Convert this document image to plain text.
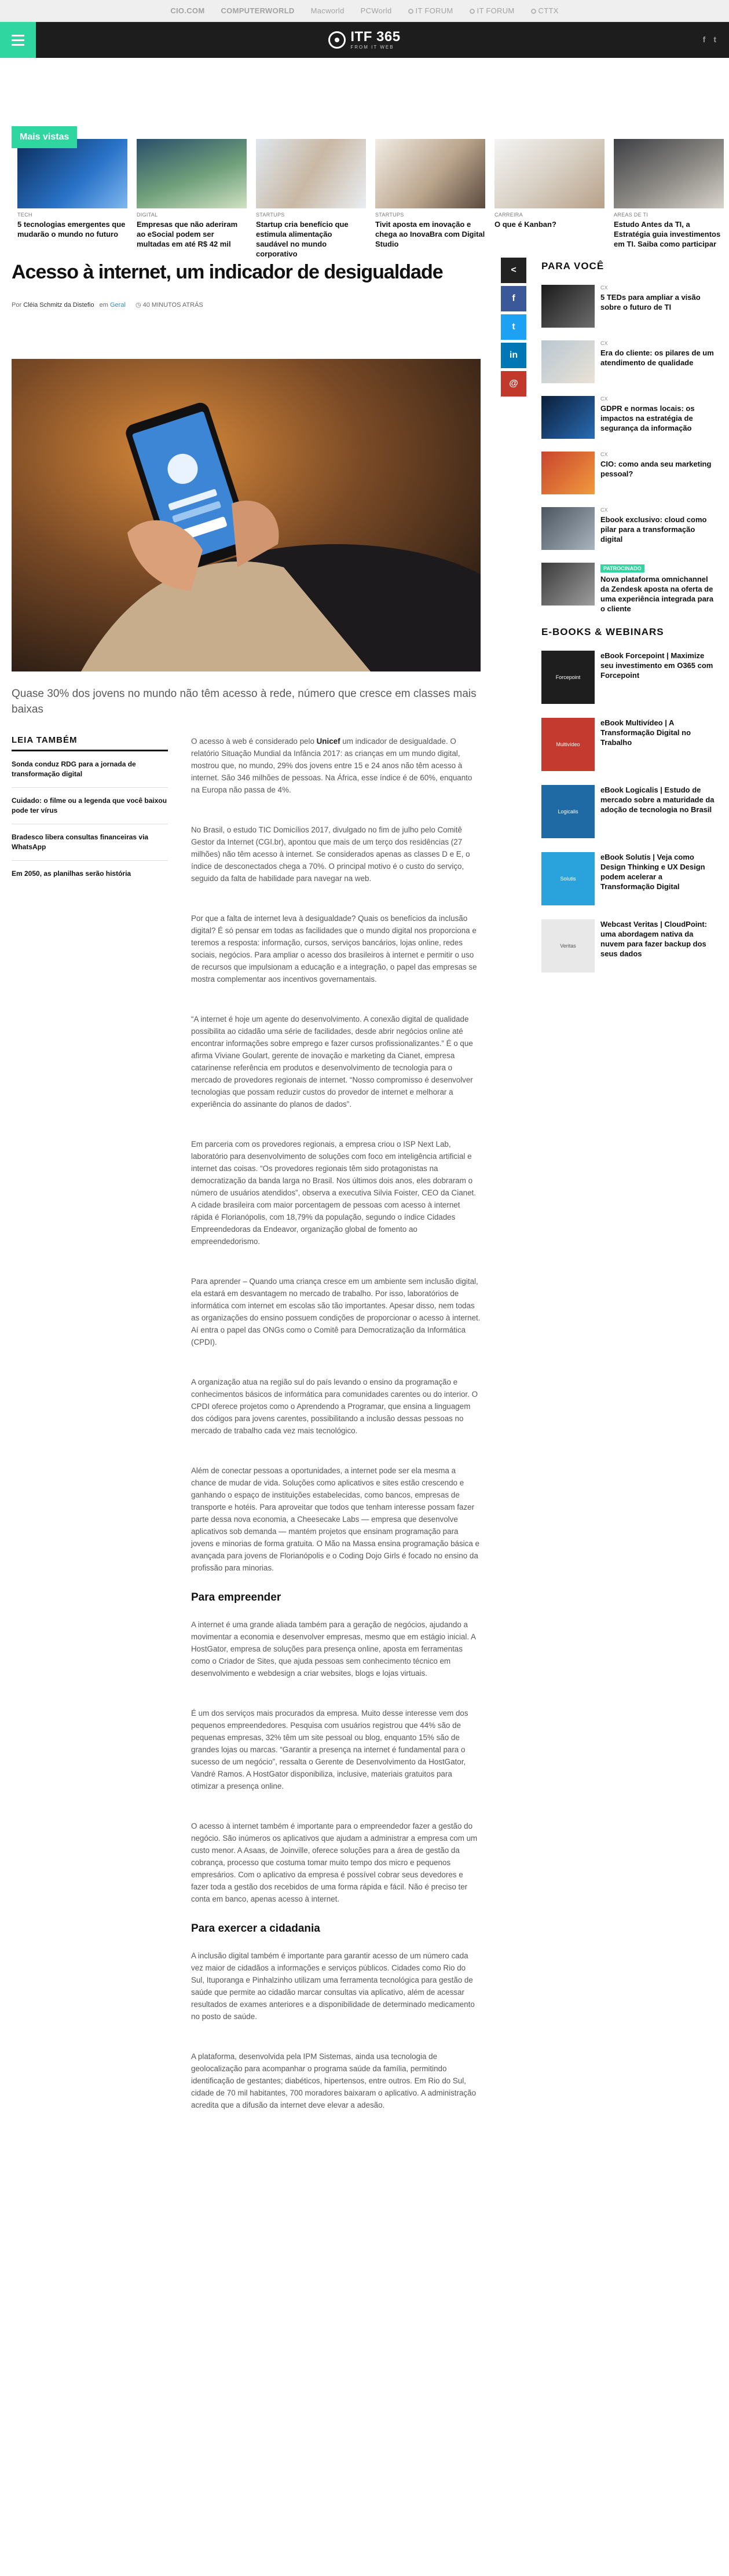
CIO.COM COMPUTERWORLD Macworld PCWorld	IT FORUM	IT FORUM	CTTX
ITF 365
FROM IT WEB
f t
Mais vistas
TECH
5 tecnologias emergentes que mudarão o mundo no futuro
DIGITAL
Empresas que não aderiram ao eSocial podem ser multadas em até R$ 42 mil
STARTUPS
Startup cria benefício que estimula alimentação saudável no mundo corporativo
STARTUPS
Tivit aposta em inovação e chega ao InovaBra com Digital Studio
CARREIRA
O que é Kanban?
AREAS DE TI
Estudo Antes da TI, a Estratégia guia investimentos em TI. Saiba como participar
Acesso à internet, um indicador de desigualdade
Por Cléia Schmitz da Distefio em Geral ◷ 40 MINUTOS ATRÁS
<
f
t
in
@

Quase 30% dos jovens no mundo não têm acesso à rede, número que cresce em classes mais baixas

LEIA TAMBÉM
Sonda conduz RDG para a jornada de transformação digital
Cuidado: o filme ou a legenda que você baixou pode ter vírus
Bradesco libera consultas financeiras via WhatsApp
Em 2050, as planilhas serão história

O acesso à web é considerado pelo Unicef um indicador de desigualdade. O relatório Situação Mundial da Infância 2017: as crianças em um mundo digital, mostrou que, no mundo, 29% dos jovens entre 15 e 24 anos não têm acesso à internet. São 346 milhões de pessoas. Na África, esse índice é de 60%, enquanto na Europa não passa de 4%.

No Brasil, o estudo TIC Domicílios 2017, divulgado no fim de julho pelo Comitê Gestor da Internet (CGI.br), apontou que mais de um terço dos residências (27 milhões) não têm acesso à internet. Se considerados apenas as classes D e E, o índice de desconectados chega a 70%. O principal motivo é o custo do serviço, seguido da falta de habilidade para navegar na web.

Por que a falta de internet leva à desigualdade? Quais os benefícios da inclusão digital? É só pensar em todas as facilidades que o mundo digital nos proporciona e teremos a resposta: informação, cursos, serviços bancários, lojas online, redes sociais, negócios. Para ampliar o acesso dos brasileiros à internet e permitir o uso de recursos que impulsionam a educação e a integração, o papel das empresas se mostra complementar aos incentivos governamentais.

“A internet é hoje um agente do desenvolvimento. A conexão digital de qualidade possibilita ao cidadão uma série de facilidades, desde abrir negócios online até encontrar informações sobre emprego e fazer cursos profissionalizantes.” É o que afirma Viviane Goulart, gerente de inovação e marketing da Cianet, empresa catarinense referência em produtos e desenvolvimento de tecnologia para o mercado de provedores regionais de internet. “Nosso compromisso é desenvolver tecnologias que possam reduzir custos do provedor de internet e melhorar a experiência do assinante do planos de dados”.

Em parceria com os provedores regionais, a empresa criou o ISP Next Lab, laboratório para desenvolvimento de soluções com foco em inteligência artificial e internet das coisas. “Os provedores regionais têm sido protagonistas na democratização da banda larga no Brasil. Nos últimos dois anos, eles dobraram o número de usuários atendidos”, observa a executiva Silvia Foister, CEO da Cianet. A cidade brasileira com maior porcentagem de pessoas com acesso à internet rápida é Florianópolis, com 18,79% da população, segundo o índice Cidades Empreendedoras da Endeavor, organização global de fomento ao empreendedorismo.

Para aprender – Quando uma criança cresce em um ambiente sem inclusão digital, ela estará em desvantagem no mercado de trabalho. Por isso, laboratórios de informática com internet em escolas são tão importantes. Apesar disso, nem todas as organizações do ensino possuem condições de proporcionar o acesso à internet. Aí entra o papel das ONGs como o Comitê para Democratização da Informática (CPDI).

A organização atua na região sul do país levando o ensino da programação e conhecimentos básicos de informática para comunidades carentes ou do interior. O CPDI oferece projetos como o Aprendendo a Programar, que ensina a linguagem dos códigos para jovens carentes, possibilitando a inclusão dessas pessoas no mercado de trabalho cada vez mais tecnológico.

Além de conectar pessoas a oportunidades, a internet pode ser ela mesma a chance de mudar de vida. Soluções como aplicativos e sites estão crescendo e ganhando o espaço de instituições estabelecidas, como bancos, empresas de transporte e hotéis. Para aproveitar que todos que tenham interesse possam fazer parte dessa nova economia, a Cheesecake Labs — empresa que desenvolve aplicativos sob demanda — mantém projetos que ensinam programação para jovens e minorias de forma gratuita. O Mão na Massa ensina programação básica e avançada para jovens de Florianópolis e o Coding Dojo Girls é focado no ensino da profissão para minorias.

Para empreender

A internet é uma grande aliada também para a geração de negócios, ajudando a movimentar a economia e desenvolver empresas, mesmo que em estágio inicial. A HostGator, empresa de soluções para presença online, aposta em ferramentas como o Criador de Sites, que ajuda pessoas sem conhecimento técnico em desenvolvimento e webdesign a criar websites, blogs e lojas virtuais.

É um dos serviços mais procurados da empresa. Muito desse interesse vem dos pequenos empreendedores. Pesquisa com usuários registrou que 44% são de pequenas empresas, 32% têm um site pessoal ou blog, enquanto 15% são de grandes lojas ou marcas. “Garantir a presença na internet é fundamental para o sucesso de um negócio”, ressalta o Gerente de Desenvolvimento da HostGator, Vandré Ramos. A HostGator disponibiliza, inclusive, materiais gratuitos para otimizar a presença online.

O acesso à internet também é importante para o empreendedor fazer a gestão do negócio. São inúmeros os aplicativos que ajudam a administrar a empresa com um custo menor. A Asaas, de Joinville, oferece soluções para a área de gestão da cobrança, processo que costuma tomar muito tempo dos micro e pequenos empresários. Com o aplicativo da empresa é possível cobrar seus devedores e fazer toda a gestão dos recebidos de uma forma rápida e fácil. Não é preciso ter conta em banco, apenas acesso à internet.

Para exercer a cidadania

A inclusão digital também é importante para garantir acesso de um número cada vez maior de cidadãos a informações e serviços públicos. Cidades como Rio do Sul, Ituporanga e Pinhalzinho utilizam uma ferramenta tecnológica para gestão de saúde que permite ao cidadão marcar consultas via aplicativo, além de acessar resultados de exames anteriores e a disponibilidade de determinado medicamento no posto de saúde.

A plataforma, desenvolvida pela IPM Sistemas, ainda usa tecnologia de geolocalização para acompanhar o programa saúde da família, permitindo identificação de gestantes; diabéticos, hipertensos, entre outros. Em Rio do Sul, cidade de 70 mil habitantes, 700 moradores baixaram o aplicativo. A administração acredita que a difusão da internet deve elevar a adesão.

PARA VOCÊ
CX
5 TEDs para ampliar a visão sobre o futuro de TI
CX
Era do cliente: os pilares de um atendimento de qualidade
CX
GDPR e normas locais: os impactos na estratégia de segurança da informação
CX
CIO: como anda seu marketing pessoal?
CX
Ebook exclusivo: cloud como pilar para a transformação digital
PATROCINADO
Nova plataforma omnichannel da Zendesk aposta na oferta de uma experiência integrada para o cliente
E-BOOKS & WEBINARS
Forcepoint
eBook Forcepoint | Maximize seu investimento em O365 com Forcepoint
Multivídeo
eBook Multivídeo | A Transformação Digital no Trabalho
Logicalis
eBook Logicalis | Estudo de mercado sobre a maturidade da adoção de tecnologia no Brasil
Solutis
eBook Solutis | Veja como Design Thinking e UX Design podem acelerar a Transformação Digital
Veritas
Webcast Veritas | CloudPoint: uma abordagem nativa da nuvem para fazer backup dos seus dados
